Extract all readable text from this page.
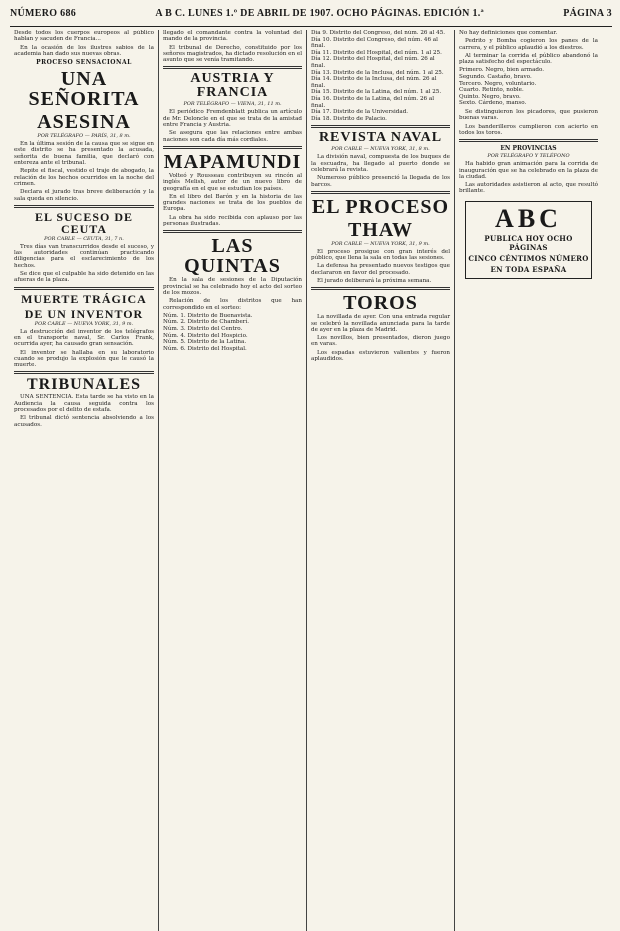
NÚMERO 686	A B C. LUNES 1.º DE ABRIL DE 1907. OCHO PÁGINAS. EDICIÓN 1.ª	PÁGINA 3

Desde todos los cuerpos europeos al público hablan y sacuden de Francia...

En la ocasión de los ilustres sabios de la academia han dado sus nuevas obras.

PROCESO SENSACIONAL
UNA SEÑORITA
ASESINA
POR TELÉGRAFO — PARÍS, 31, 8 m.

En la última sesión de la causa que se sigue en este distrito se ha presentado la acusada, señorita de buena familia, que declaró con entereza ante el tribunal.

Repite el fiscal, vestido el traje de abogado, la relación de los hechos ocurridos en la noche del crimen.

Declara el jurado tras breve deliberación y la sala queda en silencio.

EL SUCESO DE CEUTA
POR CABLE — CEUTA, 31, 7 n.

Tres días van transcurridos desde el suceso, y las autoridades continúan practicando diligencias para el esclarecimiento de los hechos.

Se dice que el culpable ha sido detenido en las afueras de la plaza.

MUERTE TRÁGICA
DE UN INVENTOR
POR CABLE — NUEVA YORK, 31, 9 m.

La destrucción del inventor de los telégrafos en el transporte naval, Sr. Carlos Frank, ocurrida ayer, ha causado gran sensación.

El inventor se hallaba en su laboratorio cuando se produjo la explosión que le causó la muerte.

TRIBUNALES

UNA SENTENCIA. Esta tarde se ha visto en la Audiencia la causa seguida contra los procesados por el delito de estafa.

El tribunal dictó sentencia absolviendo a los acusados.

llegado el comandante contra la voluntad del mando de la provincia.

El tribunal de Derecho, constituido por los señores magistrados, ha dictado resolución en el asunto que se venía tramitando.

AUSTRIA Y FRANCIA
POR TELÉGRAFO — VIENA, 31, 11 m.

El periódico Fremdenblatt publica un artículo de Mr. Deloncle en el que se trata de la amistad entre Francia y Austria.

Se asegura que las relaciones entre ambas naciones son cada día más cordiales.

MAPAMUNDI

Volteó y Rousseau contribuyen su rincón al inglés Melish, autor de un nuevo libro de geografía en el que se estudian los países.

En el libro del Barón y en la historia de las grandes naciones se trata de los pueblos de Europa.

La obra ha sido recibida con aplauso por las personas ilustradas.

LAS QUINTAS

En la sala de sesiones de la Diputación provincial se ha celebrado hoy el acto del sorteo de los mozos.

Relación de los distritos que han correspondido en el sorteo:

Núm. 1. Distrito de Buenavista.
Núm. 2. Distrito de Chamberí.
Núm. 3. Distrito del Centro.
Núm. 4. Distrito del Hospicio.
Núm. 5. Distrito de la Latina.
Núm. 6. Distrito del Hospital.
Día 9. Distrito del Congreso, del núm. 26 al 45.
Día 10. Distrito del Congreso, del núm. 46 al final.
Día 11. Distrito del Hospital, del núm. 1 al 25.
Día 12. Distrito del Hospital, del núm. 26 al final.
Día 13. Distrito de la Inclusa, del núm. 1 al 25.
Día 14. Distrito de la Inclusa, del núm. 26 al final.
Día 15. Distrito de la Latina, del núm. 1 al 25.
Día 16. Distrito de la Latina, del núm. 26 al final.
Día 17. Distrito de la Universidad.
Día 18. Distrito de Palacio.
REVISTA NAVAL
POR CABLE — NUEVA YORK, 31, 8 m.

La división naval, compuesta de los buques de la escuadra, ha llegado al puerto donde se celebrará la revista.

Numeroso público presenció la llegada de los barcos.

EL PROCESO
THAW
POR CABLE — NUEVA YORK, 31, 9 m.

El proceso prosigue con gran interés del público, que llena la sala en todas las sesiones.

La defensa ha presentado nuevos testigos que declararon en favor del procesado.

El jurado deliberará la próxima semana.

TOROS

La novillada de ayer. Con una entrada regular se celebró la novillada anunciada para la tarde de ayer en la plaza de Madrid.

Los novillos, bien presentados, dieron juego en varas.

Los espadas estuvieron valientes y fueron aplaudidos.

No hay definiciones que comentar.

Pedrito y Bomba cogieron los panes de la carrera, y el público aplaudió a los diestros.

Al terminar la corrida el público abandonó la plaza satisfecho del espectáculo.

Primero. Negro, bien armado.
Segundo. Castaño, bravo.
Tercero. Negro, voluntario.
Cuarto. Retinto, noble.
Quinto. Negro, bravo.
Sexto. Cárdeno, manso.

Se distinguieron los picadores, que pusieron buenas varas.

Los banderilleros cumplieron con acierto en todos los toros.

EN PROVINCIAS
POR TELÉGRAFO Y TELÉFONO

Ha habido gran animación para la corrida de inauguración que se ha celebrado en la plaza de la ciudad.

Las autoridades asistieron al acto, que resultó brillante.

ABC
PUBLICA HOY OCHO PÁGINAS
CINCO CÉNTIMOS NÚMERO
EN TODA ESPAÑA
